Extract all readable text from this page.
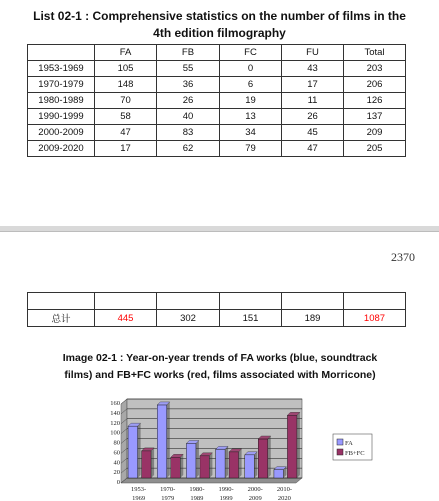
List 02-1 : Comprehensive statistics on the number of films in the
4th edition filmography
	FA	FB	FC	FU	Total
1953-1969	105	55	0	43	203
1970-1979	148	36	6	17	206
1980-1989	70	26	19	11	126
1990-1999	58	40	13	26	137
2000-2009	47	83	34	45	209
2009-2020	17	62	79	47	205
2370

总计	445	302	151	189	1087
Image 02-1 : Year-on-year trends of FA works (blue, soundtrack
films) and FB+FC works (red, films associated with Morricone)
0
20
40
60
80
100
120
140
160
1953-
1969
1970-
1979
1980-
1989
1990-
1999
2000-
2009
2010-
2020
FA
FB+FC
